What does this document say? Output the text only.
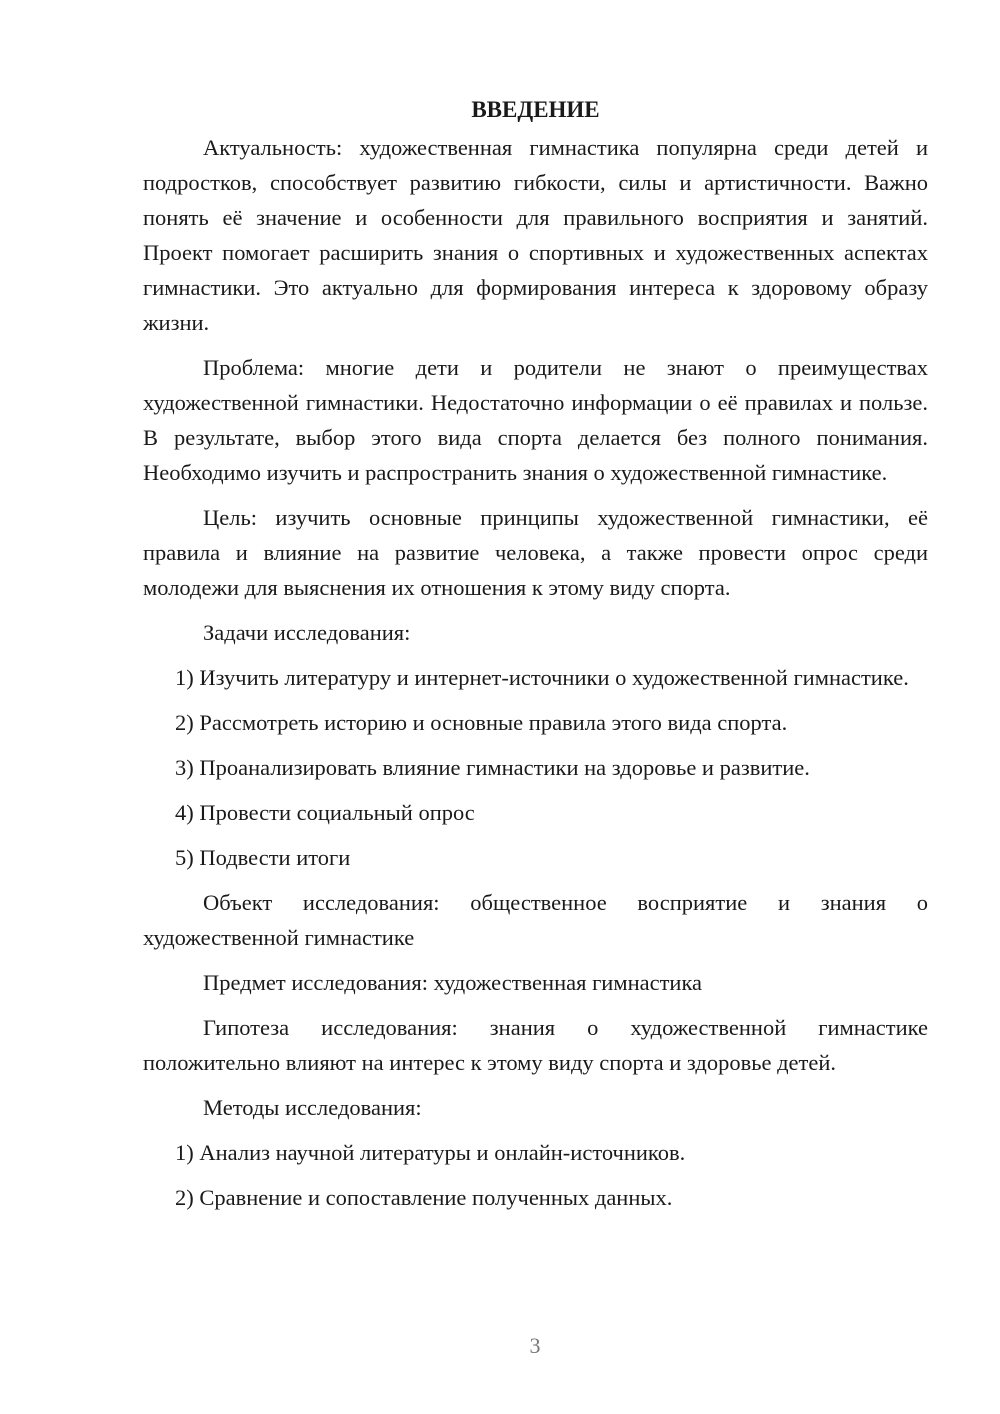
ВВЕДЕНИЕ

Актуальность: художественная гимнастика популярна среди детей и подростков, способствует развитию гибкости, силы и артистичности. Важно понять её значение и особенности для правильного восприятия и занятий. Проект помогает расширить знания о спортивных и художественных аспектах гимнастики. Это актуально для формирования интереса к здоровому образу жизни.

Проблема: многие дети и родители не знают о преимуществах художественной гимнастики. Недостаточно информации о её правилах и пользе. В результате, выбор этого вида спорта делается без полного понимания. Необходимо изучить и распространить знания о художественной гимнастике.

Цель: изучить основные принципы художественной гимнастики, её правила и влияние на развитие человека, а также провести опрос среди молодежи для выяснения их отношения к этому виду спорта.

Задачи исследования:

1) Изучить литературу и интернет-источники о художественной гимнастике.

2) Рассмотреть историю и основные правила этого вида спорта.

3) Проанализировать влияние гимнастики на здоровье и развитие.

4) Провести социальный опрос

5) Подвести итоги

Объект исследования: общественное восприятие и знания о художественной гимнастике

Предмет исследования: художественная гимнастика

Гипотеза исследования: знания о художественной гимнастике положительно влияют на интерес к этому виду спорта и здоровье детей.

Методы исследования:

1) Анализ научной литературы и онлайн-источников.

2) Сравнение и сопоставление полученных данных.

3
